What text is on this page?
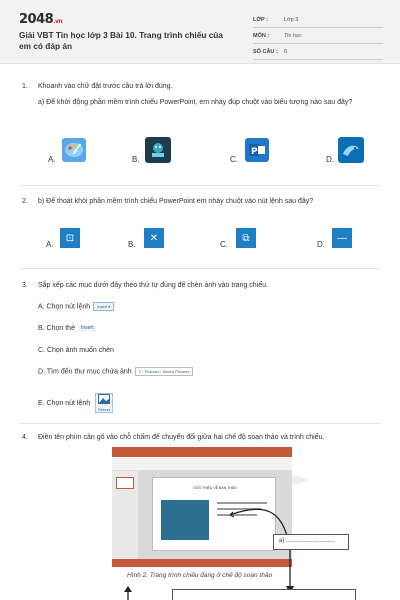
2048.vn
Giải VBT Tin học lớp 3 Bài 10. Trang trình chiếu của em có đáp án
LỚP :	Lớp 3
MÔN :	Tin học
SỐ CÂU : 6
1. Khoanh vào chữ đặt trước câu trả lời đúng.
a) Để khởi động phần mềm trình chiếu PowerPoint, em nháy đúp chuột vào biểu tượng nào sau đây?
A.	B.	C.
P
D.
2. b) Để thoát khỏi phần mềm trình chiếu PowerPoint em nháy chuột vào nút lệnh sau đây?
A.
⊡
B.
✕
C.
⧉
D.
—
3. Sắp xếp các mục dưới đây theo thứ tự đúng để chèn ảnh vào trang chiếu.
A. Chọn nút lệnh Insert ▾
B. Chọn thẻ Insert
C. Chọn ảnh muốn chèn
D. Tìm đến thư mục chứa ảnh ≡ › Pictures › Saved Pictures
E. Chọn nút lệnh
Pictures
4. Điền tên phím cần gõ vào chỗ chấm để chuyển đổi giữa hai chế độ soạn thảo và trình chiếu.
GIỚI THIỆU VỀ BẢN THÂN
a) .............................
Hình 2. Trang trình chiếu đang ở chế độ soạn thảo
